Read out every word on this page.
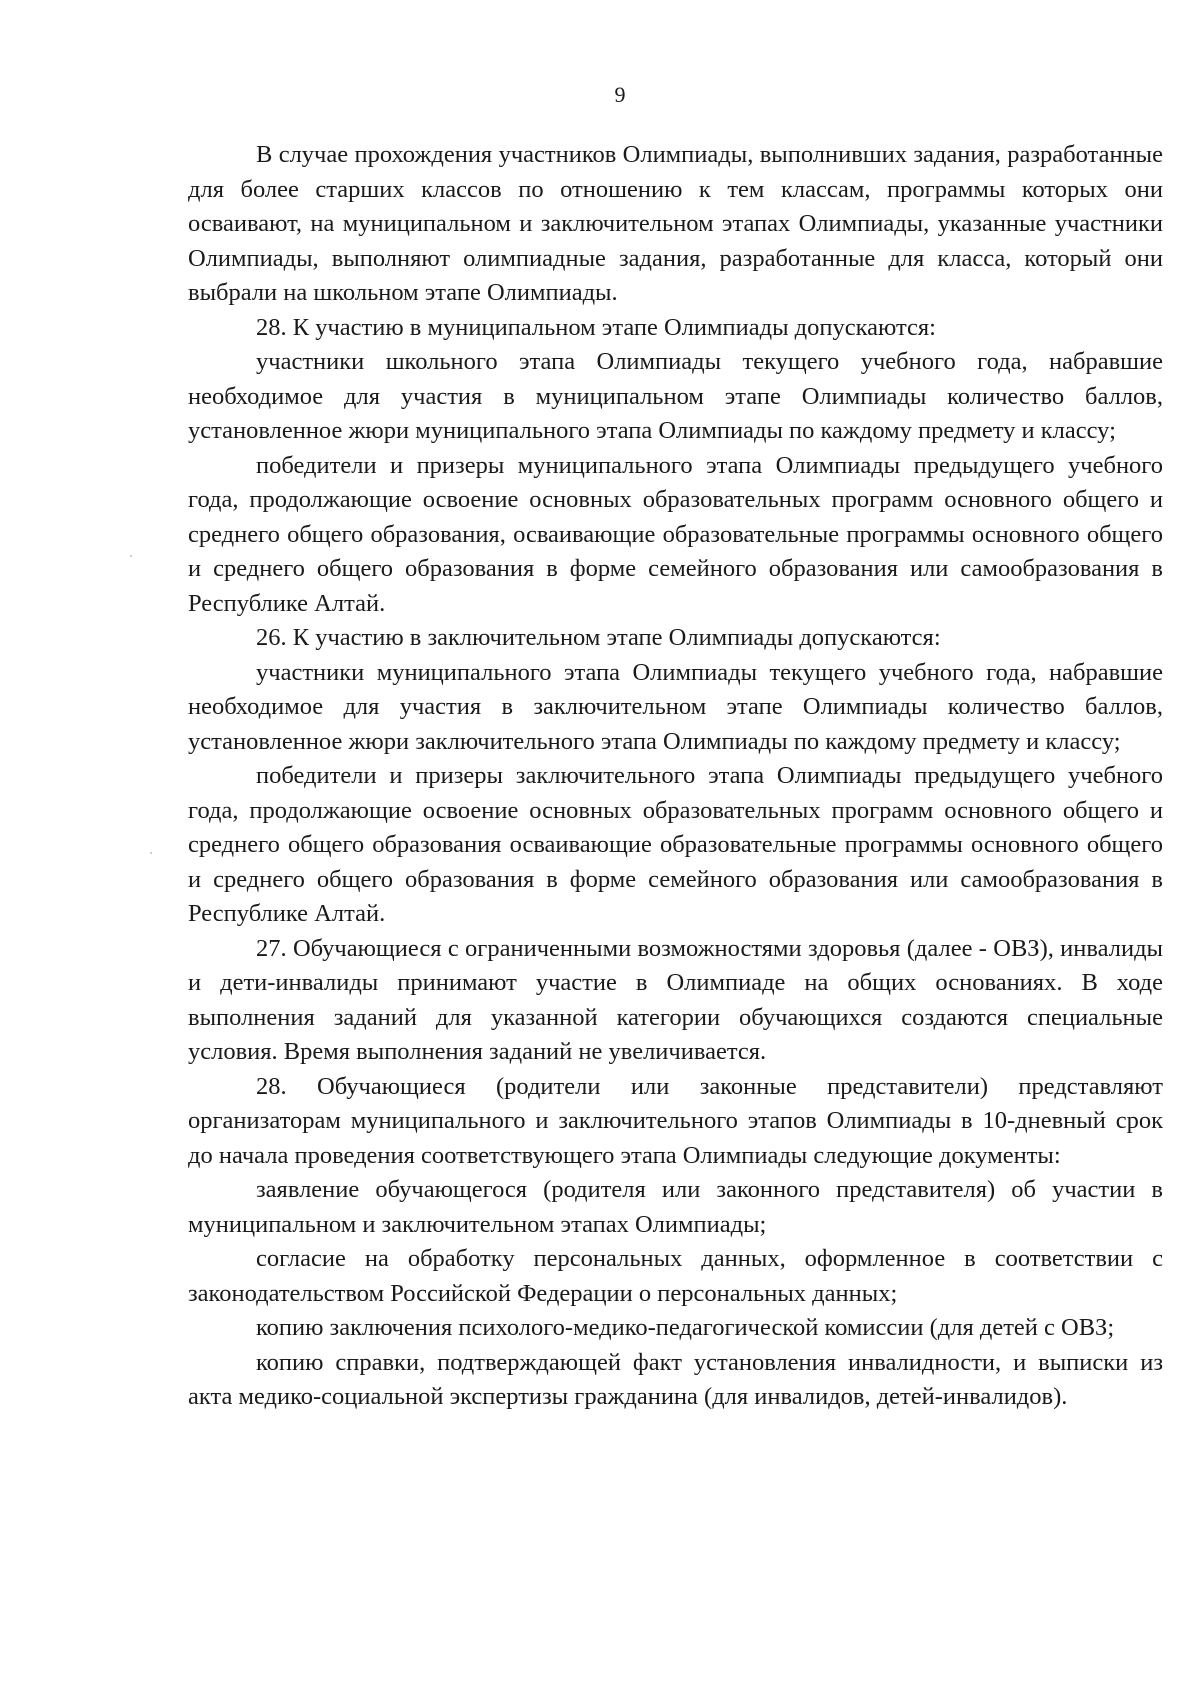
9

В случае прохождения участников Олимпиады, выполнивших задания, разработанные для более старших классов по отношению к тем классам, программы которых они осваивают, на муниципальном и заключительном этапах Олимпиады, указанные участники Олимпиады, выполняют олимпиадные задания, разработанные для класса, который они выбрали на школьном этапе Олимпиады.

28. К участию в муниципальном этапе Олимпиады допускаются:

участники школьного этапа Олимпиады текущего учебного года, набравшие необходимое для участия в муниципальном этапе Олимпиады количество баллов, установленное жюри муниципального этапа Олимпиады по каждому предмету и классу;

победители и призеры муниципального этапа Олимпиады предыдущего учебного года, продолжающие освоение основных образовательных программ основного общего и среднего общего образования, осваивающие образовательные программы основного общего и среднего общего образования в форме семейного образования или самообразования в Республике Алтай.

26. К участию в заключительном этапе Олимпиады допускаются:

участники муниципального этапа Олимпиады текущего учебного года, набравшие необходимое для участия в заключительном этапе Олимпиады количество баллов, установленное жюри заключительного этапа Олимпиады по каждому предмету и классу;

победители и призеры заключительного этапа Олимпиады предыдущего учебного года, продолжающие освоение основных образовательных программ основного общего и среднего общего образования осваивающие образовательные программы основного общего и среднего общего образования в форме семейного образования или самообразования в Республике Алтай.

27. Обучающиеся с ограниченными возможностями здоровья (далее - ОВЗ), инвалиды и дети-инвалиды принимают участие в Олимпиаде на общих основаниях. В ходе выполнения заданий для указанной категории обучающихся создаются специальные условия. Время выполнения заданий не увеличивается.

28. Обучающиеся (родители или законные представители) представляют организаторам муниципального и заключительного этапов Олимпиады в 10-дневный срок до начала проведения соответствующего этапа Олимпиады следующие документы:

заявление обучающегося (родителя или законного представителя) об участии в муниципальном и заключительном этапах Олимпиады;

согласие на обработку персональных данных, оформленное в соответствии с законодательством Российской Федерации о персональных данных;

копию заключения психолого-медико-педагогической комиссии (для детей с ОВЗ;

копию справки, подтверждающей факт установления инвалидности, и выписки из акта медико-социальной экспертизы гражданина (для инвалидов, детей-инвалидов).
